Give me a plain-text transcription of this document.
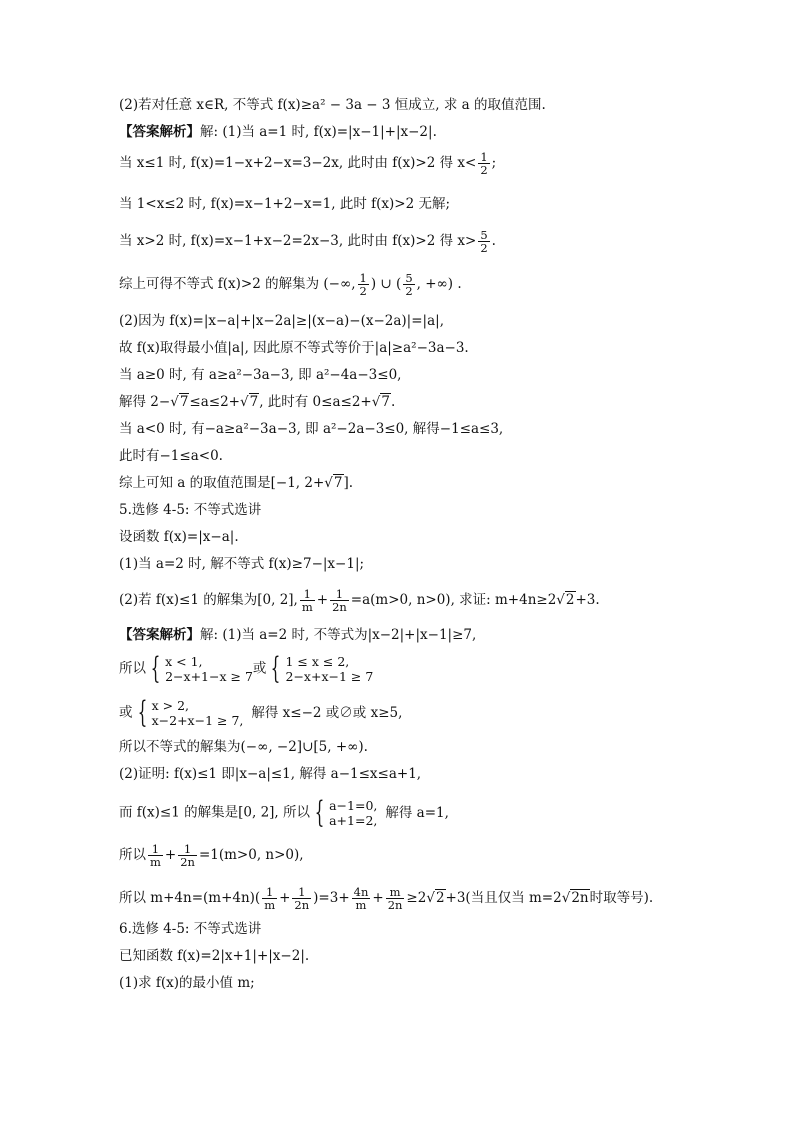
(2)若对任意 x∈R, 不等式 f(x)≥a² − 3a − 3 恒成立, 求 a 的取值范围.
【答案解析】解: (1)当 a=1 时, f(x)=|x−1|+|x−2|.
当 x≤1 时, f(x)=1−x+2−x=3−2x, 此时由 f(x)>2 得 $x< \frac{1}{2}$ ;
当 1<x≤2 时, f(x)=x−1+2−x=1, 此时 f(x)>2 无解;
当 x>2 时, f(x)=x−1+x−2=2x−3, 此时由 f(x)>2 得 $x> \frac{5}{2}$ .
综上可得不等式 f(x)>2 的解集为 (−∞, $\frac{1}{2}$ ) ∪ ( $\frac{5}{2}$ , +∞) .
(2)因为 f(x)=|x−a|+|x−2a|≥|(x−a)−(x−2a)|=|a|,
故 f(x)取得最小值|a|, 因此原不等式等价于|a|≥a²−3a−3.
当 a≥0 时, 有 a≥a²−3a−3, 即 a²−4a−3≤0,
解得 2−√7≤a≤2+√7, 此时有 0≤a≤2+√7.
当 a<0 时, 有−a≥a²−3a−3, 即 a²−2a−3≤0, 解得−1≤a≤3,
此时有−1≤a<0.
综上可知 a 的取值范围是[−1, 2+√7].
5.选修 4-5: 不等式选讲
设函数 f(x)=|x−a|.
(1)当 a=2 时, 解不等式 f(x)≥7−|x−1|;
(2)若 f(x)≤1 的解集为[0, 2], $\frac{1}{m} + \frac{1}{2n} =a(m>0$, n>0), 求证: m+4n≥2√2+3.
【答案解析】解: (1)当 a=2 时, 不等式为|x−2|+|x−1|≥7,
所以 { x < 1,
2−x+1−x ≥ 7或 { 1 ≤ x ≤ 2,
2−x+x−1 ≥ 7
或 { x > 2,
x−2+x−1 ≥ 7, 解得 x≤−2 或∅或 x≥5,
所以不等式的解集为(−∞, −2]∪[5, +∞).
(2)证明: f(x)≤1 即|x−a|≤1, 解得 a−1≤x≤a+1,
而 f(x)≤1 的解集是[0, 2], 所以 { a−1=0,
a+1=2, 解得 a=1,
所以 $\frac{1}{m} + \frac{1}{2n} =1(m>0$, n>0),
所以 $m+4n=(m+4n)( \frac{1}{m} + \frac{1}{2n} )=3+ \frac{4n}{m} + \frac{m}{2n} \ge 2√2+3$(当且仅当 m=2√2n时取等号).
6.选修 4-5: 不等式选讲
已知函数 f(x)=2|x+1|+|x−2|.
(1)求 f(x)的最小值 m;
